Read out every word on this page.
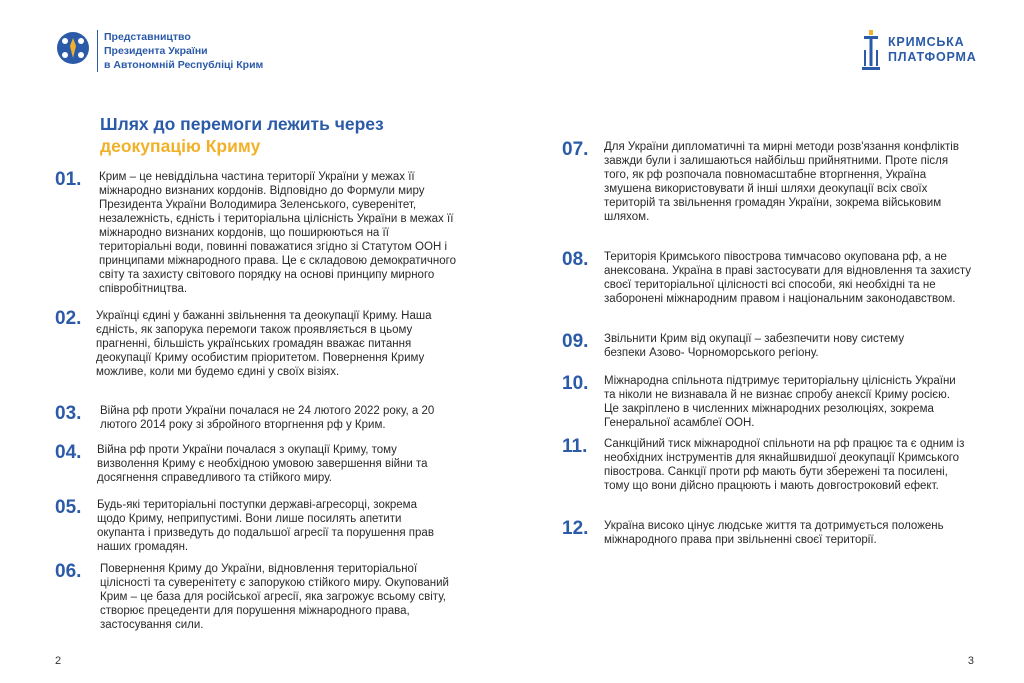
Представництво
Президента України
в Автономній Республіці Крим
Шлях до перемоги лежить через
деокупацію Криму
01.	Крим – це невіддільна частина території України у межах її міжнародно визнаних кордонів. Відповідно до Формули миру Президента України Володимира Зеленського, суверенітет, незалежність, єдність і територіальна цілісність України в межах її міжнародно визнаних кордонів, що поширюються на її територіальні води, повинні поважатися згідно зі Статутом ООН і принципами міжнародного права. Це є складовою демократичного світу та захисту світового порядку на основі принципу мирного співробітництва.
02.	Українці єдині у бажанні звільнення та деокупації Криму. Наша єдність, як запорука перемоги також проявляється в цьому прагненні, більшість українських громадян вважає питання деокупації Криму особистим пріоритетом. Повернення Криму можливе, коли ми будемо єдині у своїх візіях.
03.	Війна рф проти України почалася не 24 лютого 2022 року, а 20 лютого 2014 року зі збройного вторгнення рф у Крим.
04.	Війна рф проти України почалася з окупації Криму, тому визволення Криму є необхідною умовою завершення війни та досягнення справедливого та стійкого миру.
05.	Будь-які територіальні поступки державі-агресорці, зокрема щодо Криму, неприпустимі. Вони лише посилять апетити окупанта і призведуть до подальшої агресії та порушення прав наших громадян.
06.	Повернення Криму до України, відновлення територіальної цілісності та суверенітету є запорукою стійкого миру. Окупований Крим – це база для російської агресії, яка загрожує всьому світу, створює прецеденти для порушення міжнародного права, застосування сили.
2
КРИМСЬКА
ПЛАТФОРМА
07.	Для України дипломатичні та мирні методи розв'язання конфліктів завжди були і залишаються найбільш прийнятними. Проте після того, як рф розпочала повномасштабне вторгнення, Україна змушена використовувати й інші шляхи деокупації всіх своїх територій та звільнення громадян України, зокрема військовим шляхом.
08.	Територія Кримського півострова тимчасово окупована рф, а не анексована. Україна в праві застосувати для відновлення та захисту своєї територіальної цілісності всі способи, які необхідні та не заборонені міжнародним правом і національним законодавством.
09.	Звільнити Крим від окупації – забезпечити нову систему безпеки Азово- Чорноморського регіону.
10.	Міжнародна спільнота підтримує територіальну цілісність України та ніколи не визнавала й не визнає спробу анексії Криму росією. Це закріплено в численних міжнародних резолюціях, зокрема Генеральної асамблеї ООН.
11.	Санкційний тиск міжнародної спільноти на рф працює та є одним із необхідних інструментів для якнайшвидшої деокупації Кримського півострова. Санкції проти рф мають бути збережені та посилені, тому що вони дійсно працюють і мають довгостроковий ефект.
12.	Україна високо цінує людське життя та дотримується положень міжнародного права при звільненні своєї території.
3
